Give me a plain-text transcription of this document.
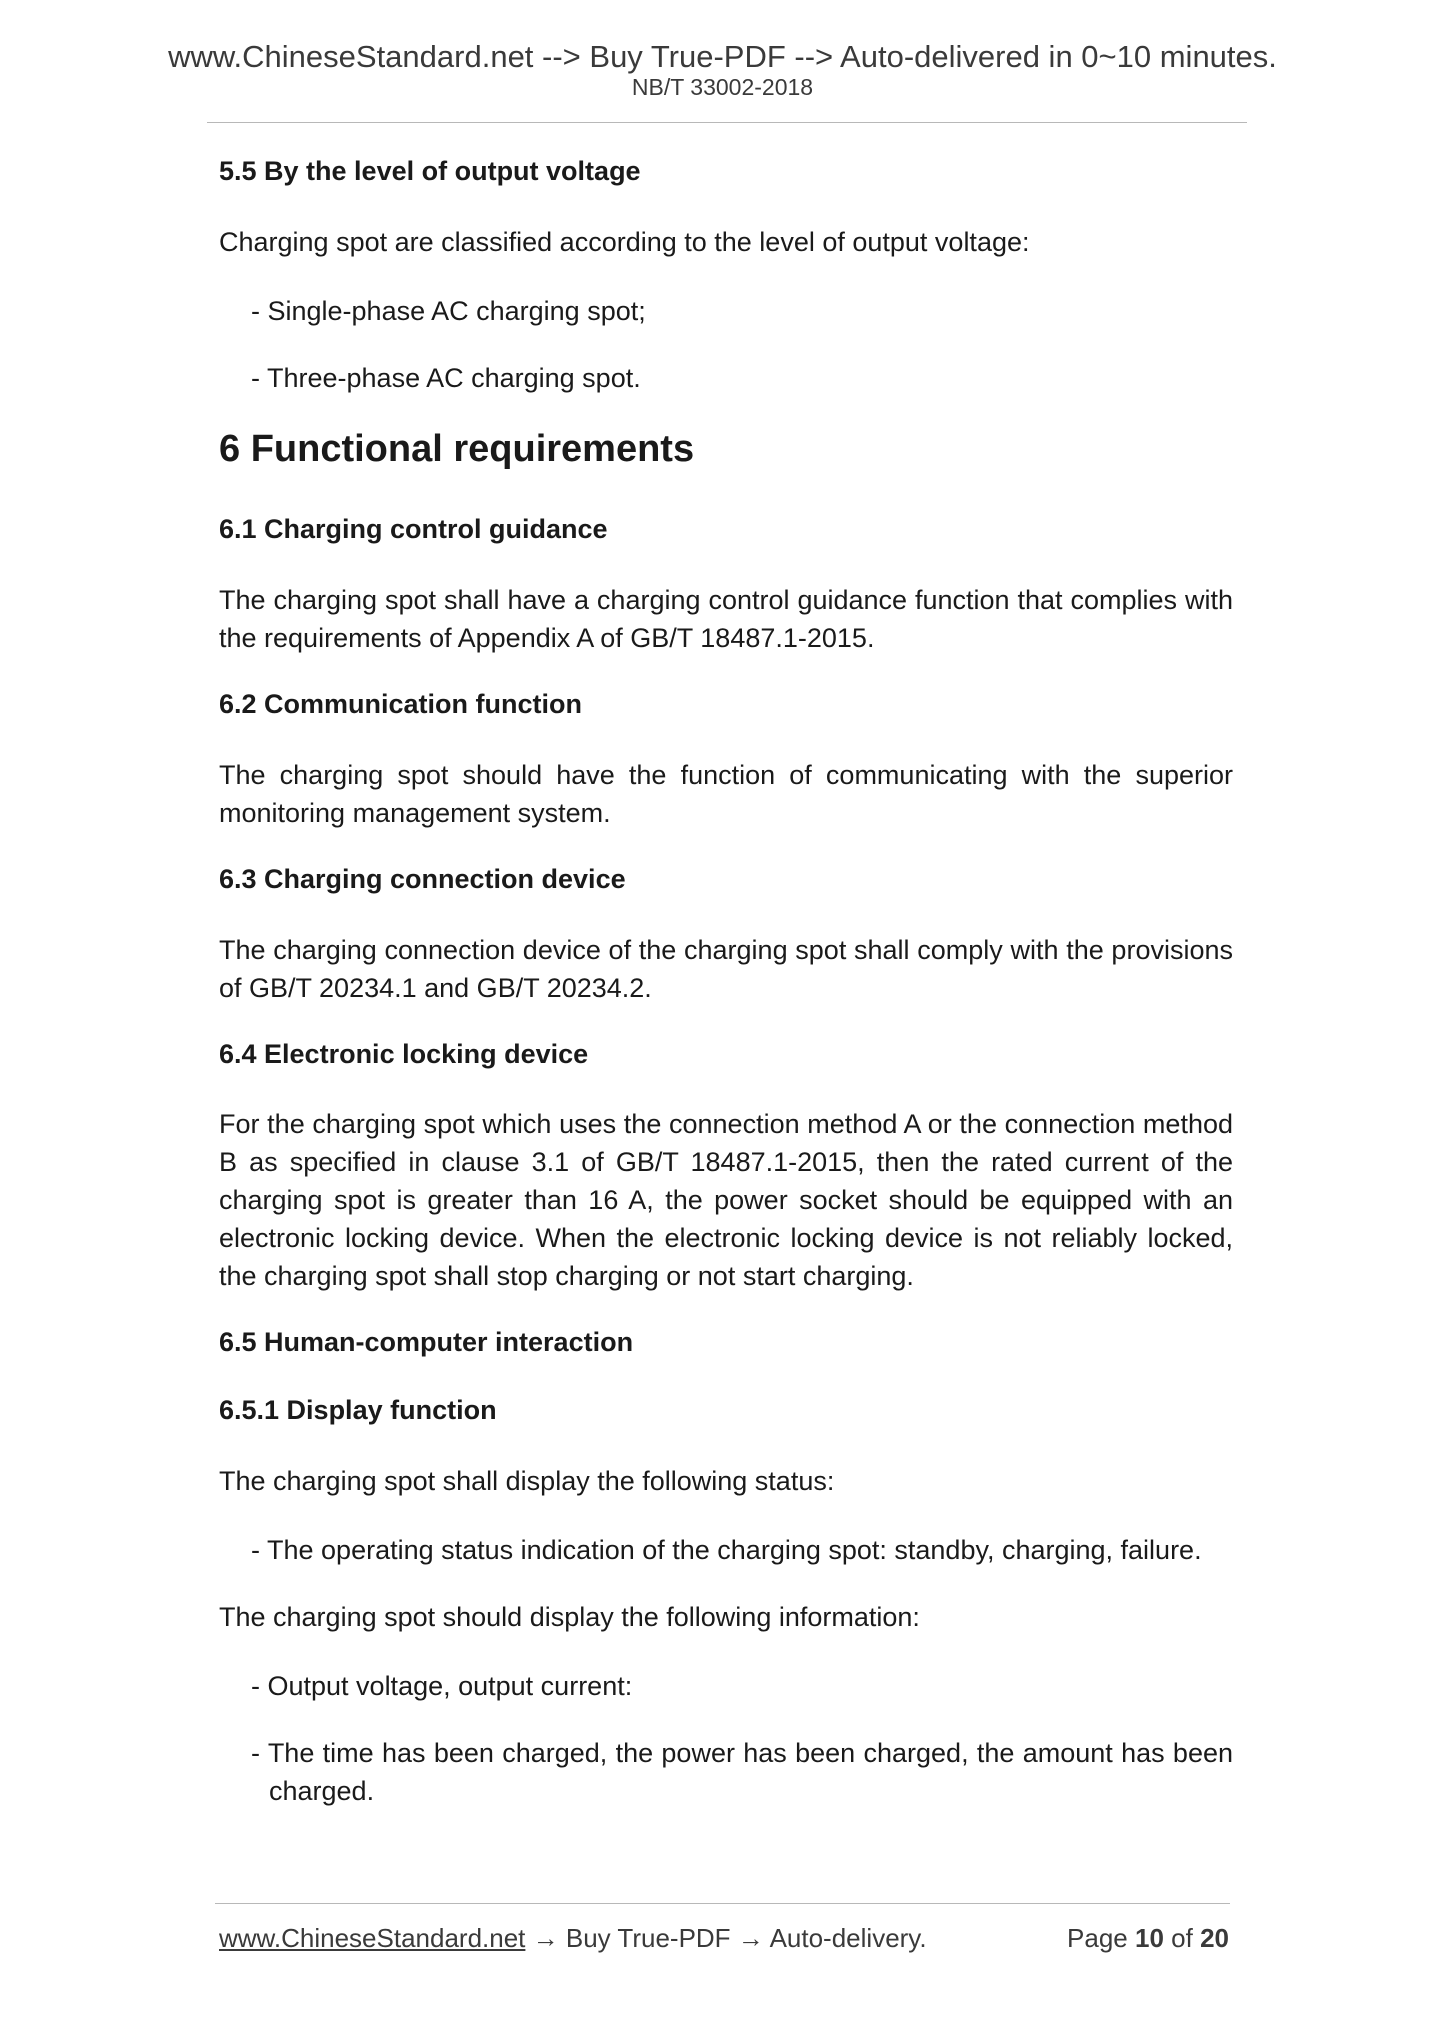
www.ChineseStandard.net --> Buy True-PDF --> Auto-delivered in 0~10 minutes.
NB/T 33002-2018
5.5 By the level of output voltage
Charging spot are classified according to the level of output voltage:
- Single-phase AC charging spot;
- Three-phase AC charging spot.
6 Functional requirements
6.1 Charging control guidance
The charging spot shall have a charging control guidance function that complies with the requirements of Appendix A of GB/T 18487.1-2015.
6.2 Communication function
The charging spot should have the function of communicating with the superior monitoring management system.
6.3 Charging connection device
The charging connection device of the charging spot shall comply with the provisions of GB/T 20234.1 and GB/T 20234.2.
6.4 Electronic locking device
For the charging spot which uses the connection method A or the connection method B as specified in clause 3.1 of GB/T 18487.1-2015, then the rated current of the charging spot is greater than 16 A, the power socket should be equipped with an electronic locking device. When the electronic locking device is not reliably locked, the charging spot shall stop charging or not start charging.
6.5 Human-computer interaction
6.5.1 Display function
The charging spot shall display the following status:
- The operating status indication of the charging spot: standby, charging, failure.
The charging spot should display the following information:
- Output voltage, output current:
- The time has been charged, the power has been charged, the amount has been charged.
www.ChineseStandard.net → Buy True-PDF → Auto-delivery.	Page 10 of 20
